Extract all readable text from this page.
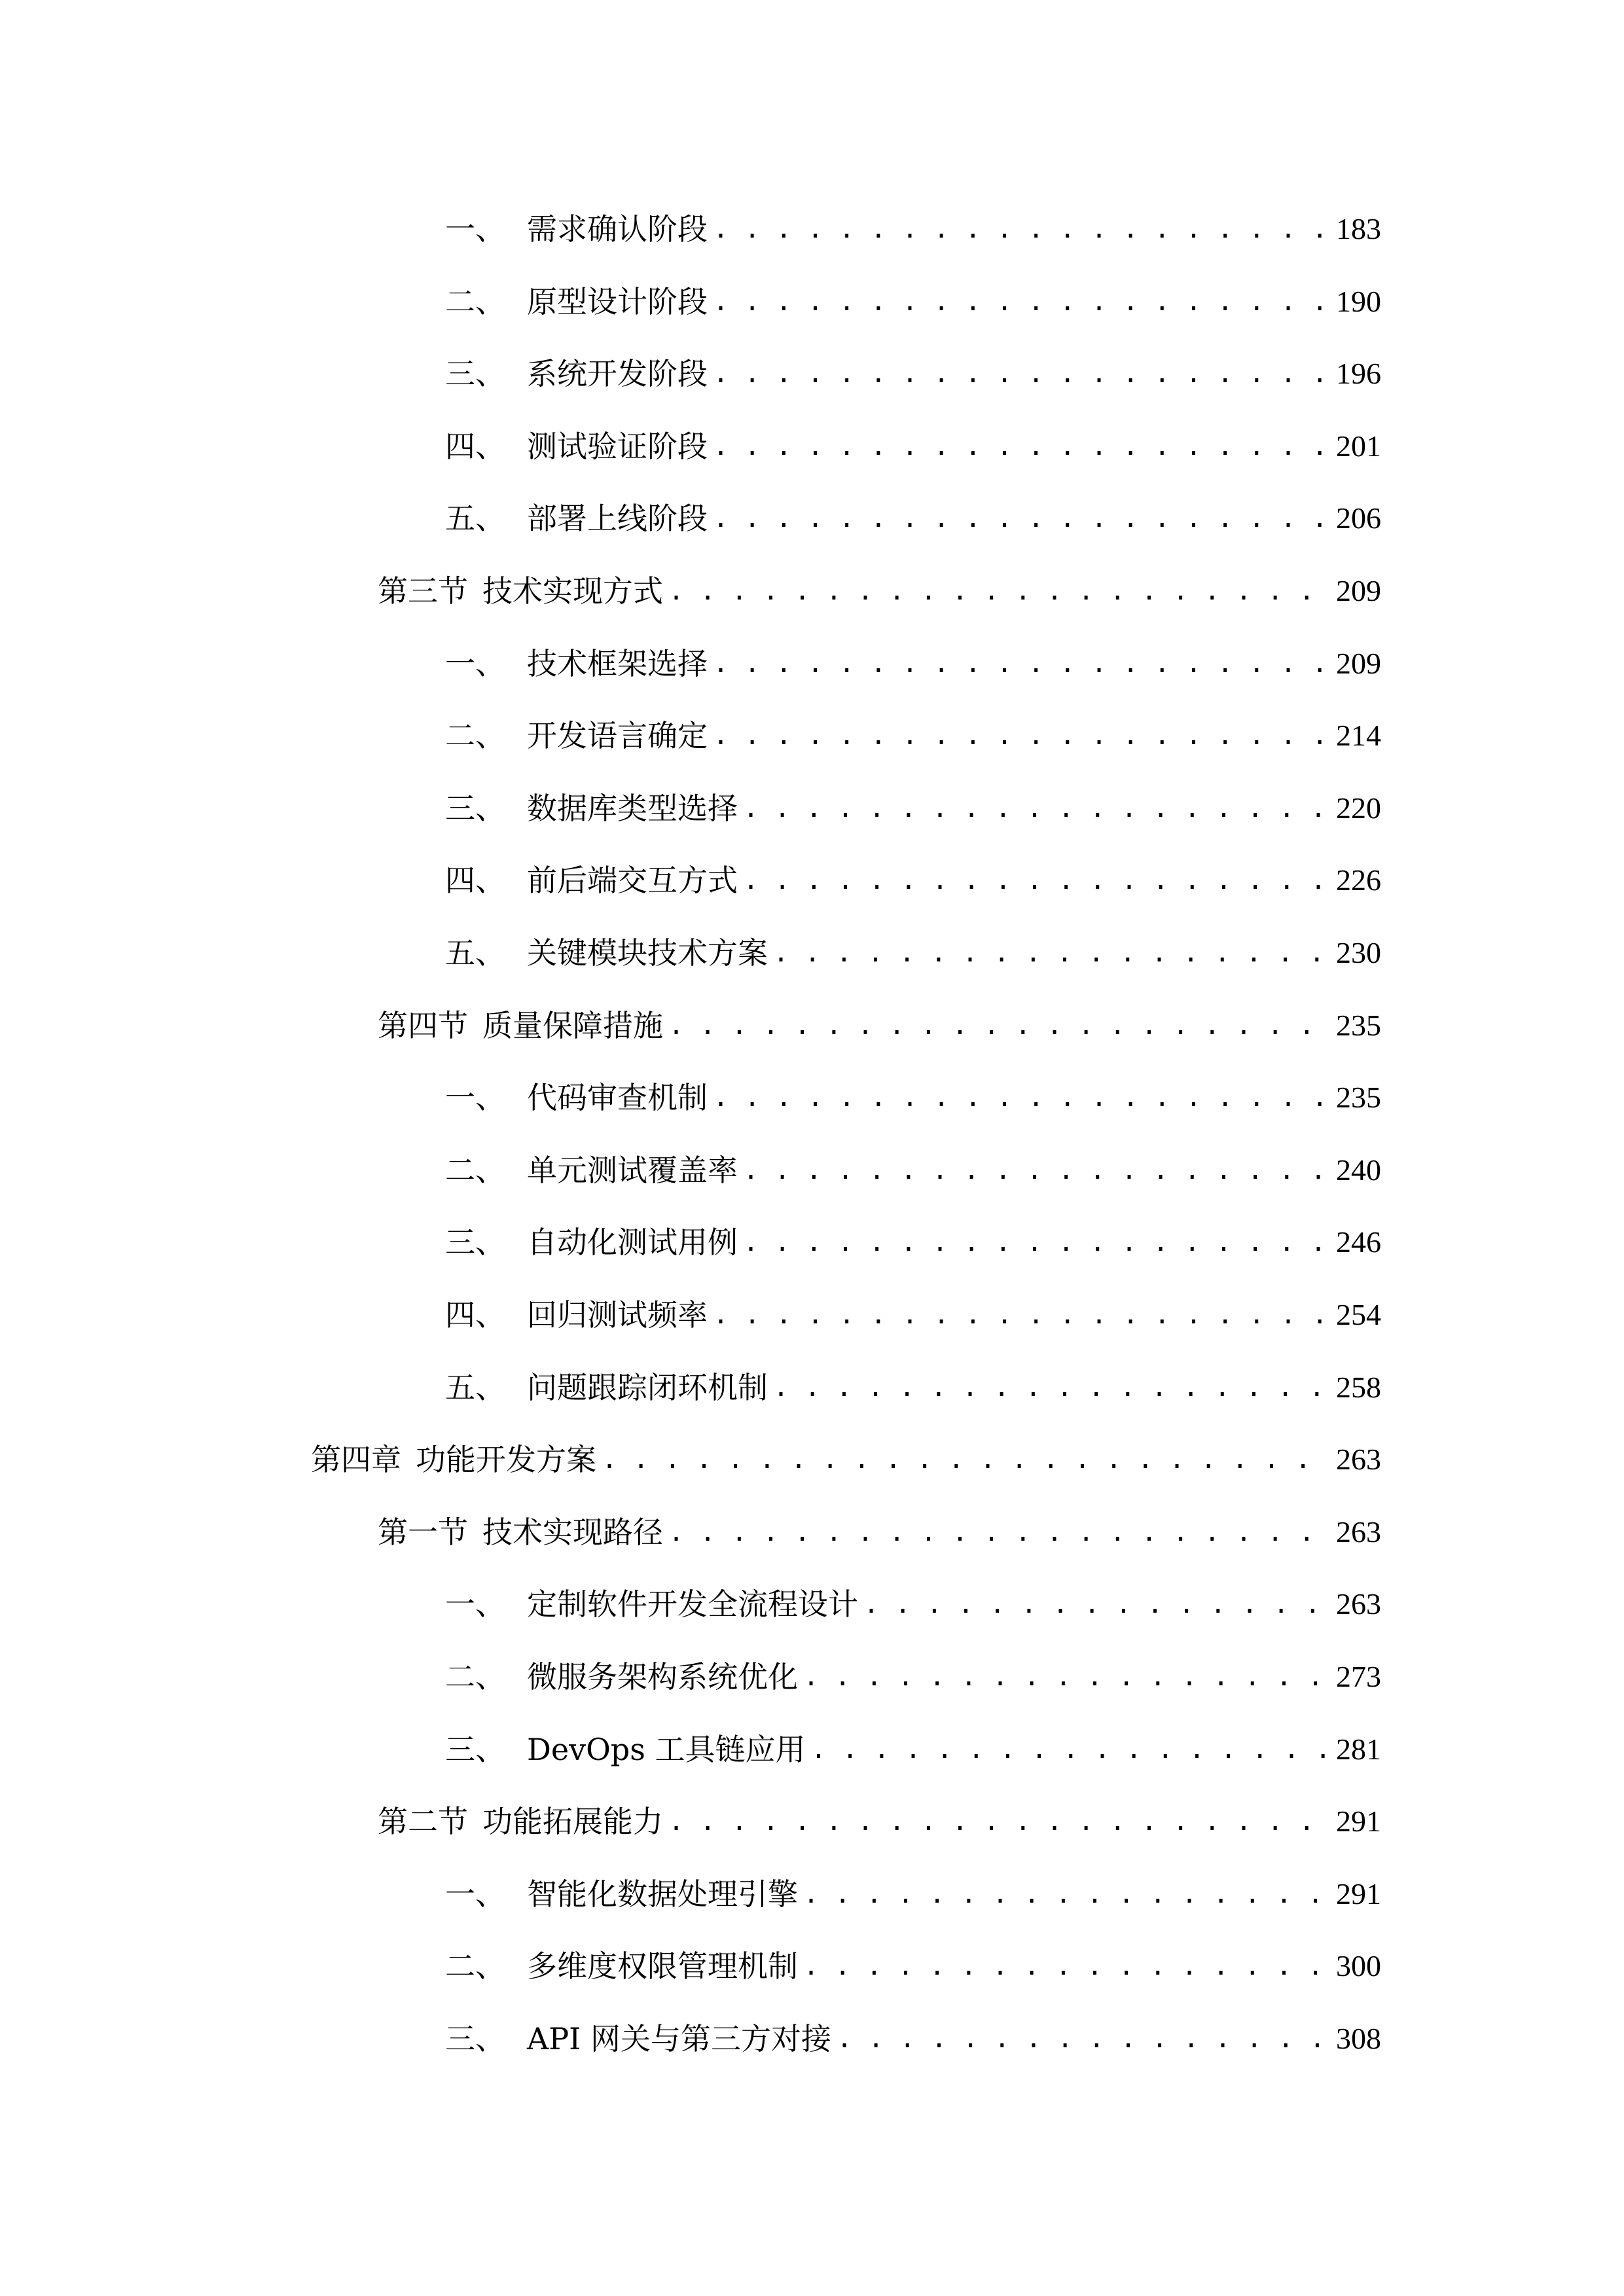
一、 需求确认阶段 . . .	183
二、 原型设计阶段 . . .	190
三、 系统开发阶段 . . .	196
四、 测试验证阶段 . . .	201
五、 部署上线阶段 . . .	206
第三节 技术实现方式 . . .	209
一、 技术框架选择 . . .	209
二、 开发语言确定 . . .	214
三、 数据库类型选择 . . .	220
四、 前后端交互方式 . . .	226
五、 关键模块技术方案 . . .	230
第四节 质量保障措施 . . .	235
一、 代码审查机制 . . .	235
二、 单元测试覆盖率 . . .	240
三、 自动化测试用例 . . .	246
四、 回归测试频率 . . .	254
五、 问题跟踪闭环机制 . . .	258
第四章 功能开发方案 . . .	263
第一节 技术实现路径 . . .	263
一、 定制软件开发全流程设计 . . .	263
二、 微服务架构系统优化 . . .	273
三、 DevOps 工具链应用 . . .	281
第二节 功能拓展能力 . . .	291
一、 智能化数据处理引擎 . . .	291
二、 多维度权限管理机制 . . .	300
三、 API 网关与第三方对接 . . .	308
